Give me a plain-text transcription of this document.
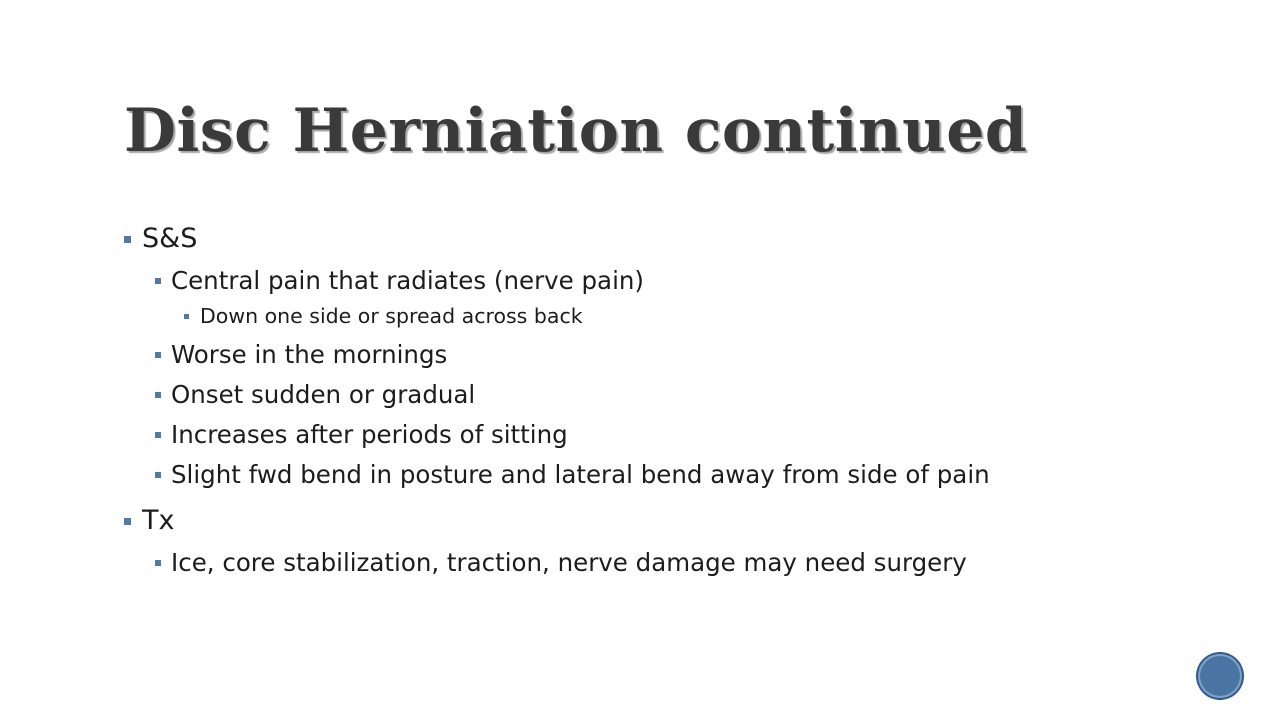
Disc Herniation continued
S&S
Central pain that radiates (nerve pain)
Down one side or spread across back
Worse in the mornings
Onset sudden or gradual
Increases after periods of sitting
Slight fwd bend in posture and lateral bend away from side of pain
Tx
Ice, core stabilization, traction, nerve damage may need surgery
